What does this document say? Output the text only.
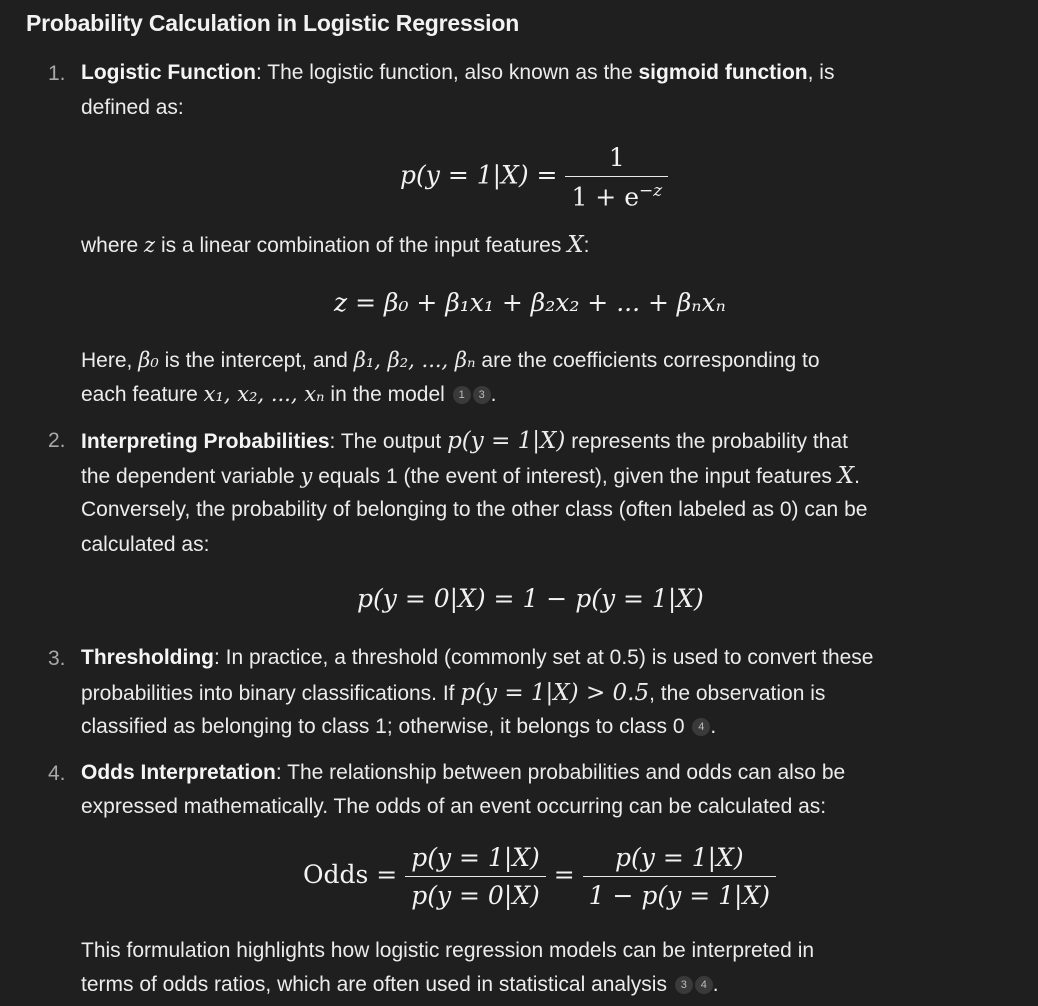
Probability Calculation in Logistic Regression
1. Logistic Function: The logistic function, also known as the sigmoid function, is
defined as:
$p(y = 1|X) = \frac{1}{1 + e^{-z}}$
where z is a linear combination of the input features X:
z = β₀ + β₁x₁ + β₂x₂ + ... + βₙxₙ
Here, β₀ is the intercept, and β₁, β₂, ..., βₙ are the coefficients corresponding to
each feature x₁, x₂, ..., xₙ in the model 1 3 .
2. Interpreting Probabilities: The output p(y = 1|X) represents the probability that
the dependent variable y equals 1 (the event of interest), given the input features X.
Conversely, the probability of belonging to the other class (often labeled as 0) can be
calculated as:
p(y = 0|X) = 1 − p(y = 1|X)
3. Thresholding: In practice, a threshold (commonly set at 0.5) is used to convert these
probabilities into binary classifications. If p(y = 1|X) > 0.5, the observation is
classified as belonging to class 1; otherwise, it belongs to class 0 4 .
4. Odds Interpretation: The relationship between probabilities and odds can also be
expressed mathematically. The odds of an event occurring can be calculated as:
Odds = $\frac{p(y = 1|X)}{p(y = 0|X)} = \frac{p(y = 1|X)}{1 - p(y = 1|X)}$
This formulation highlights how logistic regression models can be interpreted in
terms of odds ratios, which are often used in statistical analysis 3 4 .
